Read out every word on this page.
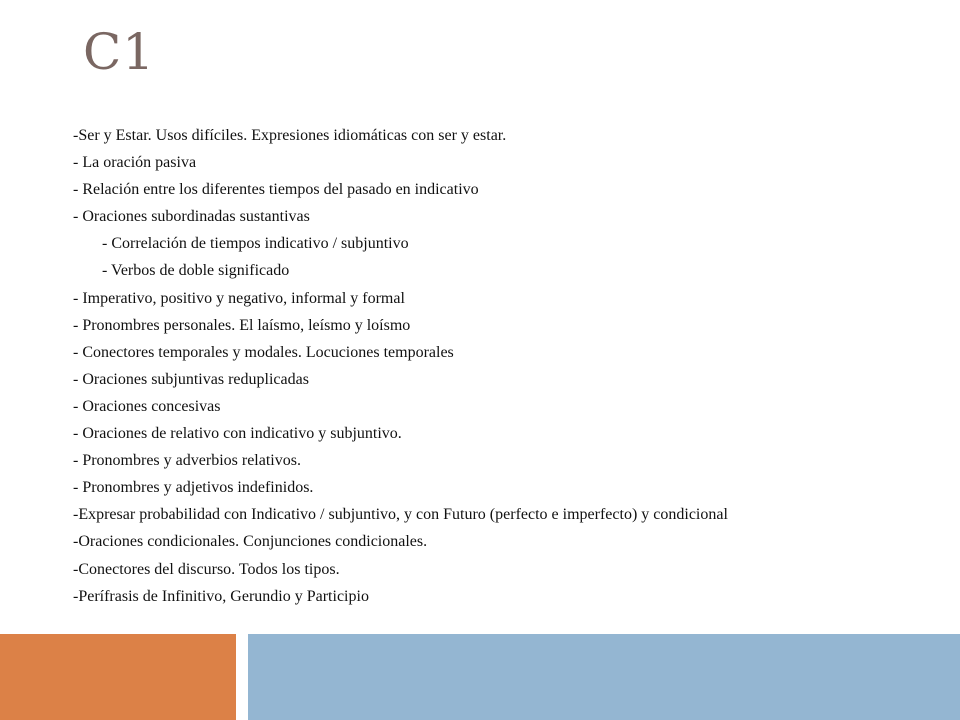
C1
-Ser y Estar. Usos difíciles. Expresiones idiomáticas con ser y estar.
- La oración pasiva
- Relación entre los diferentes tiempos del pasado en indicativo
- Oraciones subordinadas sustantivas
- Correlación de tiempos indicativo / subjuntivo
- Verbos de doble significado
- Imperativo, positivo y negativo, informal y formal
- Pronombres personales. El laísmo, leísmo y loísmo
- Conectores temporales y modales. Locuciones temporales
- Oraciones subjuntivas reduplicadas
- Oraciones concesivas
- Oraciones de relativo con indicativo y subjuntivo.
- Pronombres y adverbios relativos.
- Pronombres y adjetivos indefinidos.
-Expresar probabilidad con Indicativo / subjuntivo, y con Futuro (perfecto e imperfecto) y condicional
-Oraciones condicionales. Conjunciones condicionales.
-Conectores del discurso. Todos los tipos.
-Perífrasis de Infinitivo, Gerundio y Participio
